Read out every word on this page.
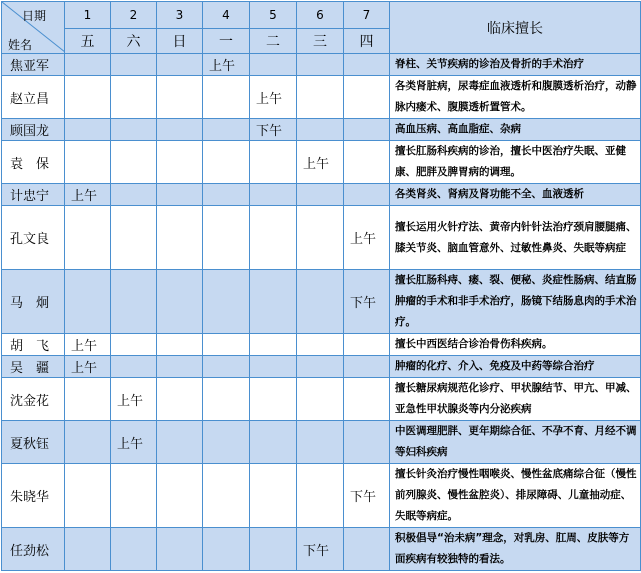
日期
姓名	1	2	3	4	5	6	7	临床擅长
	五	六	日	一	二	三	四	
焦亚军				上午				脊柱、关节疾病的诊治及骨折的手术治疗
赵立昌					上午			各类肾脏病，尿毒症血液透析和腹膜透析治疗，动静脉内瘘术、腹膜透析置管术。
顾国龙					下午			高血压病、高血脂症、杂病
袁　保						上午		擅长肛肠科疾病的诊治，擅长中医治疗失眠、亚健康、肥胖及脾胃病的调理。
计忠宁	上午							各类肾炎、肾病及肾功能不全、血液透析
孔文良							上午	擅长运用火针疗法、黄帝内针针法治疗颈肩腰腿痛、膝关节炎、脑血管意外、过敏性鼻炎、失眠等病症
马　炯							下午	擅长肛肠科痔、瘘、裂、便秘、炎症性肠病、结直肠肿瘤的手术和非手术治疗，肠镜下结肠息肉的手术治疗。
胡　飞	上午							擅长中西医结合诊治骨伤科疾病。
吴　疆	上午							肿瘤的化疗、介入、免疫及中药等综合治疗
沈金花		上午						擅长糖尿病规范化诊疗、甲状腺结节、甲亢、甲减、亚急性甲状腺炎等内分泌疾病
夏秋钰		上午						中医调理肥胖、更年期综合征、不孕不育、月经不调等妇科疾病
朱晓华							下午	擅长针灸治疗慢性咽喉炎、慢性盆底痛综合征（慢性前列腺炎、慢性盆腔炎）、排尿障碍、儿童抽动症、失眠等病症。
任劲松						下午		积极倡导“治未病”理念，对乳房、肛周、皮肤等方面疾病有较独特的看法。
